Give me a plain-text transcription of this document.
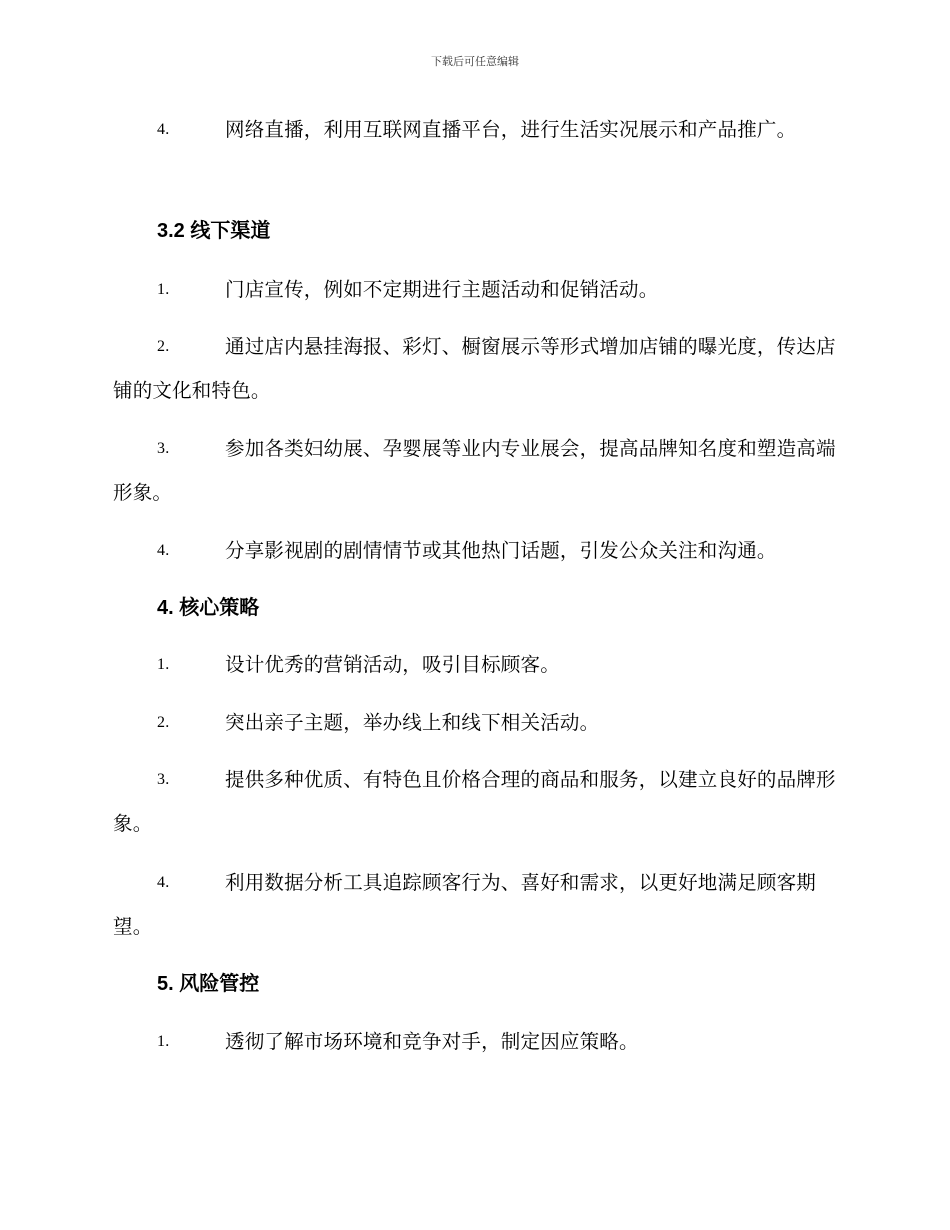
下载后可任意编辑
4.	网络直播，利用互联网直播平台，进行生活实况展示和产品推广。
3.2 线下渠道
1.	门店宣传，例如不定期进行主题活动和促销活动。
2.	通过店内悬挂海报、彩灯、橱窗展示等形式增加店铺的曝光度，传达店铺的文化和特色。
3.	参加各类妇幼展、孕婴展等业内专业展会，提高品牌知名度和塑造高端形象。
4.	分享影视剧的剧情情节或其他热门话题，引发公众关注和沟通。
4. 核心策略
1.	设计优秀的营销活动，吸引目标顾客。
2.	突出亲子主题，举办线上和线下相关活动。
3.	提供多种优质、有特色且价格合理的商品和服务，以建立良好的品牌形象。
4.	利用数据分析工具追踪顾客行为、喜好和需求，以更好地满足顾客期望。
5. 风险管控
1.	透彻了解市场环境和竞争对手，制定因应策略。
